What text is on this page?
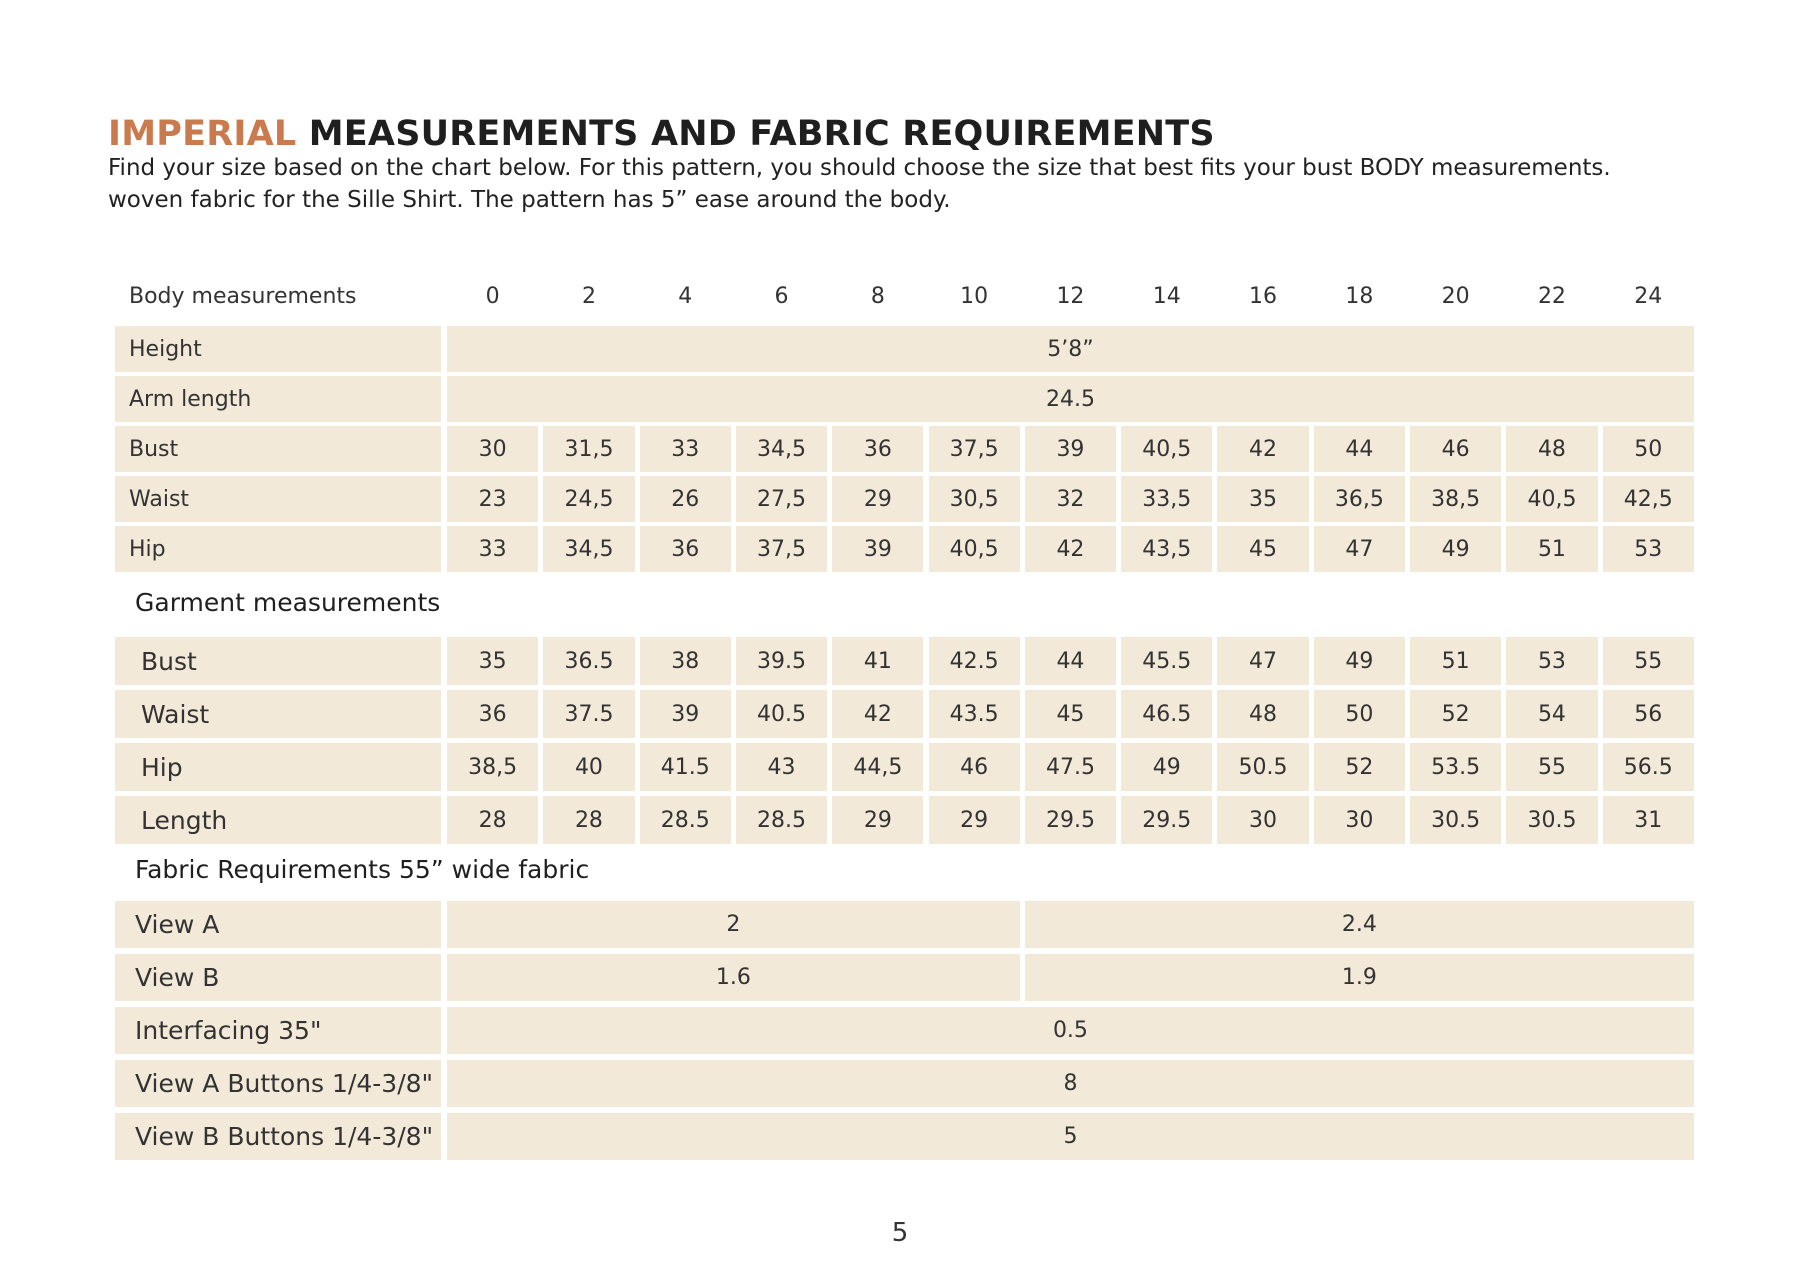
IMPERIAL MEASUREMENTS AND FABRIC REQUIREMENTS

Find your size based on the chart below. For this pattern, you should choose the size that best fits your bust BODY measurements.

woven fabric for the Sille Shirt. The pattern has 5” ease around the body.

Body measurements	0	2	4	6	8	10	12	14	16	18	20	22	24
Height	5’8”
Arm length	24.5
Bust	30	31,5	33	34,5	36	37,5	39	40,5	42	44	46	48	50
Waist	23	24,5	26	27,5	29	30,5	32	33,5	35	36,5	38,5	40,5	42,5
Hip	33	34,5	36	37,5	39	40,5	42	43,5	45	47	49	51	53
Garment measurements
Bust	35	36.5	38	39.5	41	42.5	44	45.5	47	49	51	53	55
Waist	36	37.5	39	40.5	42	43.5	45	46.5	48	50	52	54	56
Hip	38,5	40	41.5	43	44,5	46	47.5	49	50.5	52	53.5	55	56.5
Length	28	28	28.5	28.5	29	29	29.5	29.5	30	30	30.5	30.5	31
Fabric Requirements 55” wide fabric
View A	2	2.4
View B	1.6	1.9
Interfacing 35"	0.5
View A Buttons 1/4-3/8"	8
View B Buttons 1/4-3/8"	5
5
